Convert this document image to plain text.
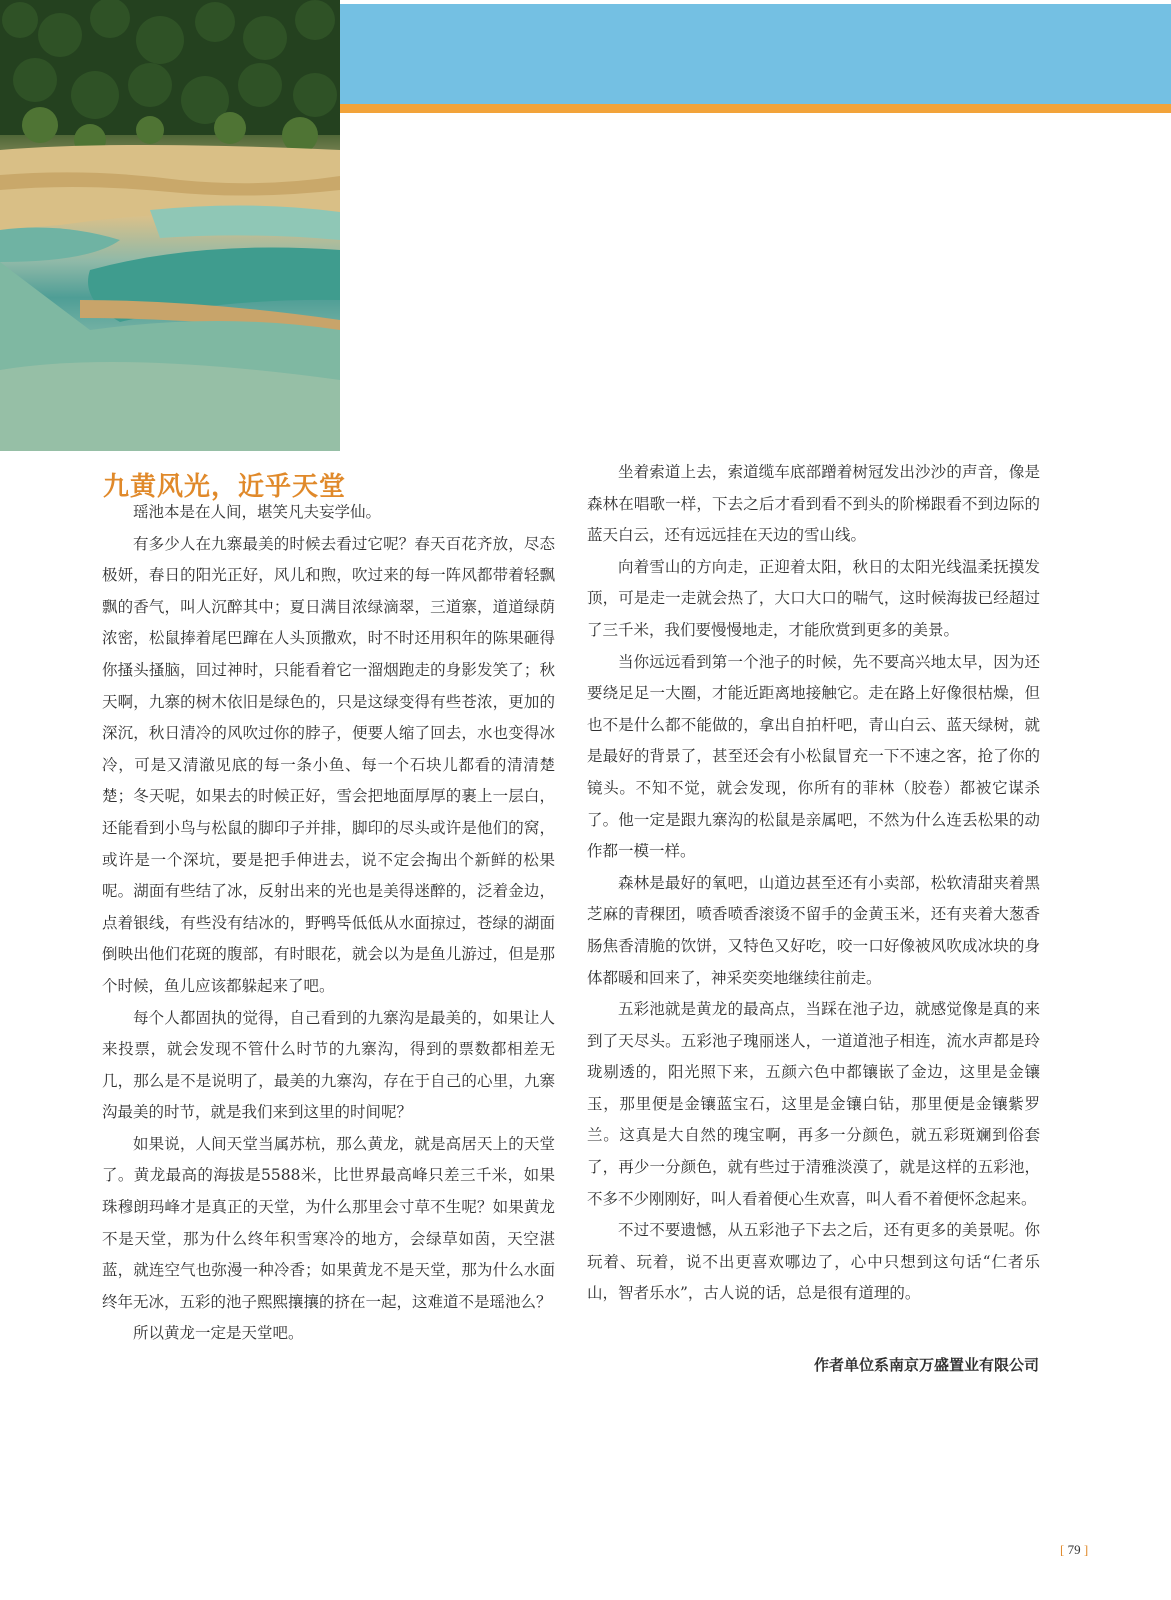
九黄风光，近乎天堂

瑶池本是在人间，堪笑凡夫妄学仙。

有多少人在九寨最美的时候去看过它呢？春天百花齐放，尽态极妍，春日的阳光正好，风儿和煦，吹过来的每一阵风都带着轻飘飘的香气，叫人沉醉其中；夏日满目浓绿滴翠，三道寨，道道绿荫浓密，松鼠捧着尾巴蹿在人头顶撒欢，时不时还用积年的陈果砸得你搔头搔脑，回过神时，只能看着它一溜烟跑走的身影发笑了；秋天啊，九寨的树木依旧是绿色的，只是这绿变得有些苍浓，更加的深沉，秋日清冷的风吹过你的脖子，便要人缩了回去，水也变得冰冷，可是又清澈见底的每一条小鱼、每一个石块儿都看的清清楚楚；冬天呢，如果去的时候正好，雪会把地面厚厚的裹上一层白，还能看到小鸟与松鼠的脚印子并排，脚印的尽头或许是他们的窝，或许是一个深坑，要是把手伸进去，说不定会掏出个新鲜的松果呢。湖面有些结了冰，反射出来的光也是美得迷醉的，泛着金边，点着银线，有些没有结冰的，野鸭뚝低低从水面掠过，苍绿的湖面倒映出他们花斑的腹部，有时眼花，就会以为是鱼儿游过，但是那个时候，鱼儿应该都躲起来了吧。

每个人都固执的觉得，自己看到的九寨沟是最美的，如果让人来投票，就会发现不管什么时节的九寨沟，得到的票数都相差无几，那么是不是说明了，最美的九寨沟，存在于自己的心里，九寨沟最美的时节，就是我们来到这里的时间呢？

如果说，人间天堂当属苏杭，那么黄龙，就是高居天上的天堂了。黄龙最高的海拔是5588米，比世界最高峰只差三千米，如果珠穆朗玛峰才是真正的天堂，为什么那里会寸草不生呢？如果黄龙不是天堂，那为什么终年积雪寒冷的地方，会绿草如茵，天空湛蓝，就连空气也弥漫一种冷香；如果黄龙不是天堂，那为什么水面终年无冰，五彩的池子熙熙攘攘的挤在一起，这难道不是瑶池么？

所以黄龙一定是天堂吧。

坐着索道上去，索道缆车底部蹭着树冠发出沙沙的声音，像是森林在唱歌一样，下去之后才看到看不到头的阶梯跟看不到边际的蓝天白云，还有远远挂在天边的雪山线。

向着雪山的方向走，正迎着太阳，秋日的太阳光线温柔抚摸发顶，可是走一走就会热了，大口大口的喘气，这时候海拔已经超过了三千米，我们要慢慢地走，才能欣赏到更多的美景。

当你远远看到第一个池子的时候，先不要高兴地太早，因为还要绕足足一大圈，才能近距离地接触它。走在路上好像很枯燥，但也不是什么都不能做的，拿出自拍杆吧，青山白云、蓝天绿树，就是最好的背景了，甚至还会有小松鼠冒充一下不速之客，抢了你的镜头。不知不觉，就会发现，你所有的菲林（胶卷）都被它谋杀了。他一定是跟九寨沟的松鼠是亲属吧，不然为什么连丢松果的动作都一模一样。

森林是最好的氧吧，山道边甚至还有小卖部，松软清甜夹着黑芝麻的青稞团，喷香喷香滚烫不留手的金黄玉米，还有夹着大葱香肠焦香清脆的饮饼，又特色又好吃，咬一口好像被风吹成冰块的身体都暖和回来了，神采奕奕地继续往前走。

五彩池就是黄龙的最高点，当踩在池子边，就感觉像是真的来到了天尽头。五彩池子瑰丽迷人，一道道池子相连，流水声都是玲珑剔透的，阳光照下来，五颜六色中都镶嵌了金边，这里是金镶玉，那里便是金镶蓝宝石，这里是金镶白钻，那里便是金镶紫罗兰。这真是大自然的瑰宝啊，再多一分颜色，就五彩斑斓到俗套了，再少一分颜色，就有些过于清雅淡漠了，就是这样的五彩池，不多不少刚刚好，叫人看着便心生欢喜，叫人看不着便怀念起来。

不过不要遗憾，从五彩池子下去之后，还有更多的美景呢。你玩着、玩着，说不出更喜欢哪边了，心中只想到这句话“仁者乐山，智者乐水”，古人说的话，总是很有道理的。

作者单位系南京万盛置业有限公司
[ 79 ]
